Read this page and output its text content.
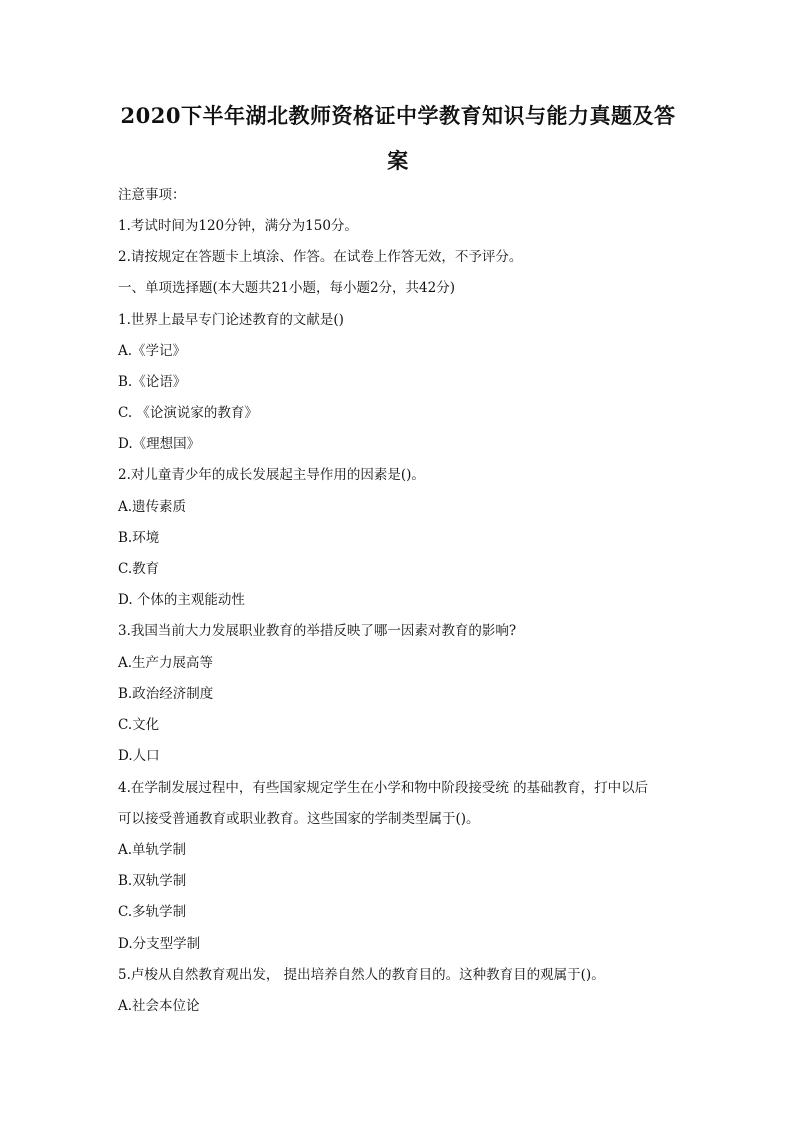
2020下半年湖北教师资格证中学教育知识与能力真题及答
案

注意事项：

1.考试时间为120分钟，满分为150分。

2.请按规定在答题卡上填涂、作答。在试卷上作答无效，不予评分。

一、单项选择题(本大题共21小题，每小题2分，共42分)

1.世界上最早专门论述教育的文献是()

A.《学记》

B.《论语》

C. 《论演说家的教育》

D.《理想国》

2.对儿童青少年的成长发展起主导作用的因素是()。

A.遗传素质

B.环境

C.教育

D. 个体的主观能动性

3.我国当前大力发展职业教育的举措反映了哪一因素对教育的影响?

A.生产力展高等

B.政治经济制度

C.文化

D.人口

4.在学制发展过程中，有些国家规定学生在小学和物中阶段接受统 的基础教育，打中以后

可以接受普通教育或职业教育。这些国家的学制类型属于()。

A.单轨学制

B.双轨学制

C.多轨学制

D.分支型学制

5.卢梭从自然教育观出发， 提出培养自然人的教育目的。这种教育目的观属于()。

A.社会本位论
